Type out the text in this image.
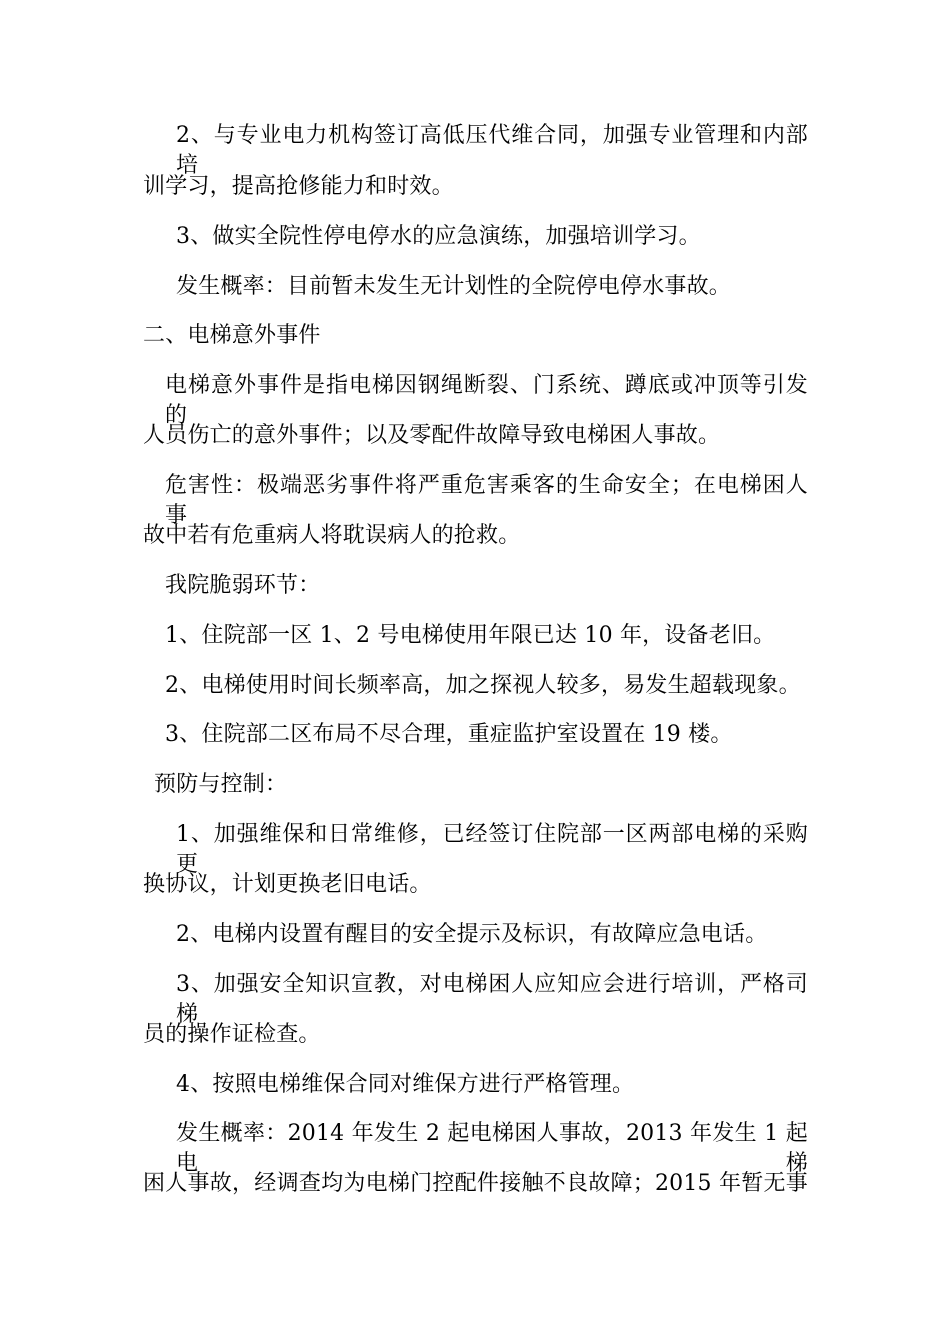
2、与专业电力机构签订高低压代维合同，加强专业管理和内部培
训学习，提高抢修能力和时效。
3、做实全院性停电停水的应急演练，加强培训学习。
发生概率：目前暂未发生无计划性的全院停电停水事故。
二、电梯意外事件
电梯意外事件是指电梯因钢绳断裂、门系统、蹲底或冲顶等引发的
人员伤亡的意外事件；以及零配件故障导致电梯困人事故。
危害性：极端恶劣事件将严重危害乘客的生命安全；在电梯困人事
故中若有危重病人将耽误病人的抢救。
我院脆弱环节：
1、住院部一区 1、2 号电梯使用年限已达 10 年，设备老旧。
2、电梯使用时间长频率高，加之探视人较多，易发生超载现象。
3、住院部二区布局不尽合理，重症监护室设置在 19 楼。
预防与控制：
1、加强维保和日常维修，已经签订住院部一区两部电梯的采购更
换协议，计划更换老旧电话。
2、电梯内设置有醒目的安全提示及标识，有故障应急电话。
3、加强安全知识宣教，对电梯困人应知应会进行培训，严格司梯
员的操作证检查。
4、按照电梯维保合同对维保方进行严格管理。
发生概率：2014 年发生 2 起电梯困人事故，2013 年发生 1 起电梯
困人事故，经调查均为电梯门控配件接触不良故障；2015 年暂无事
